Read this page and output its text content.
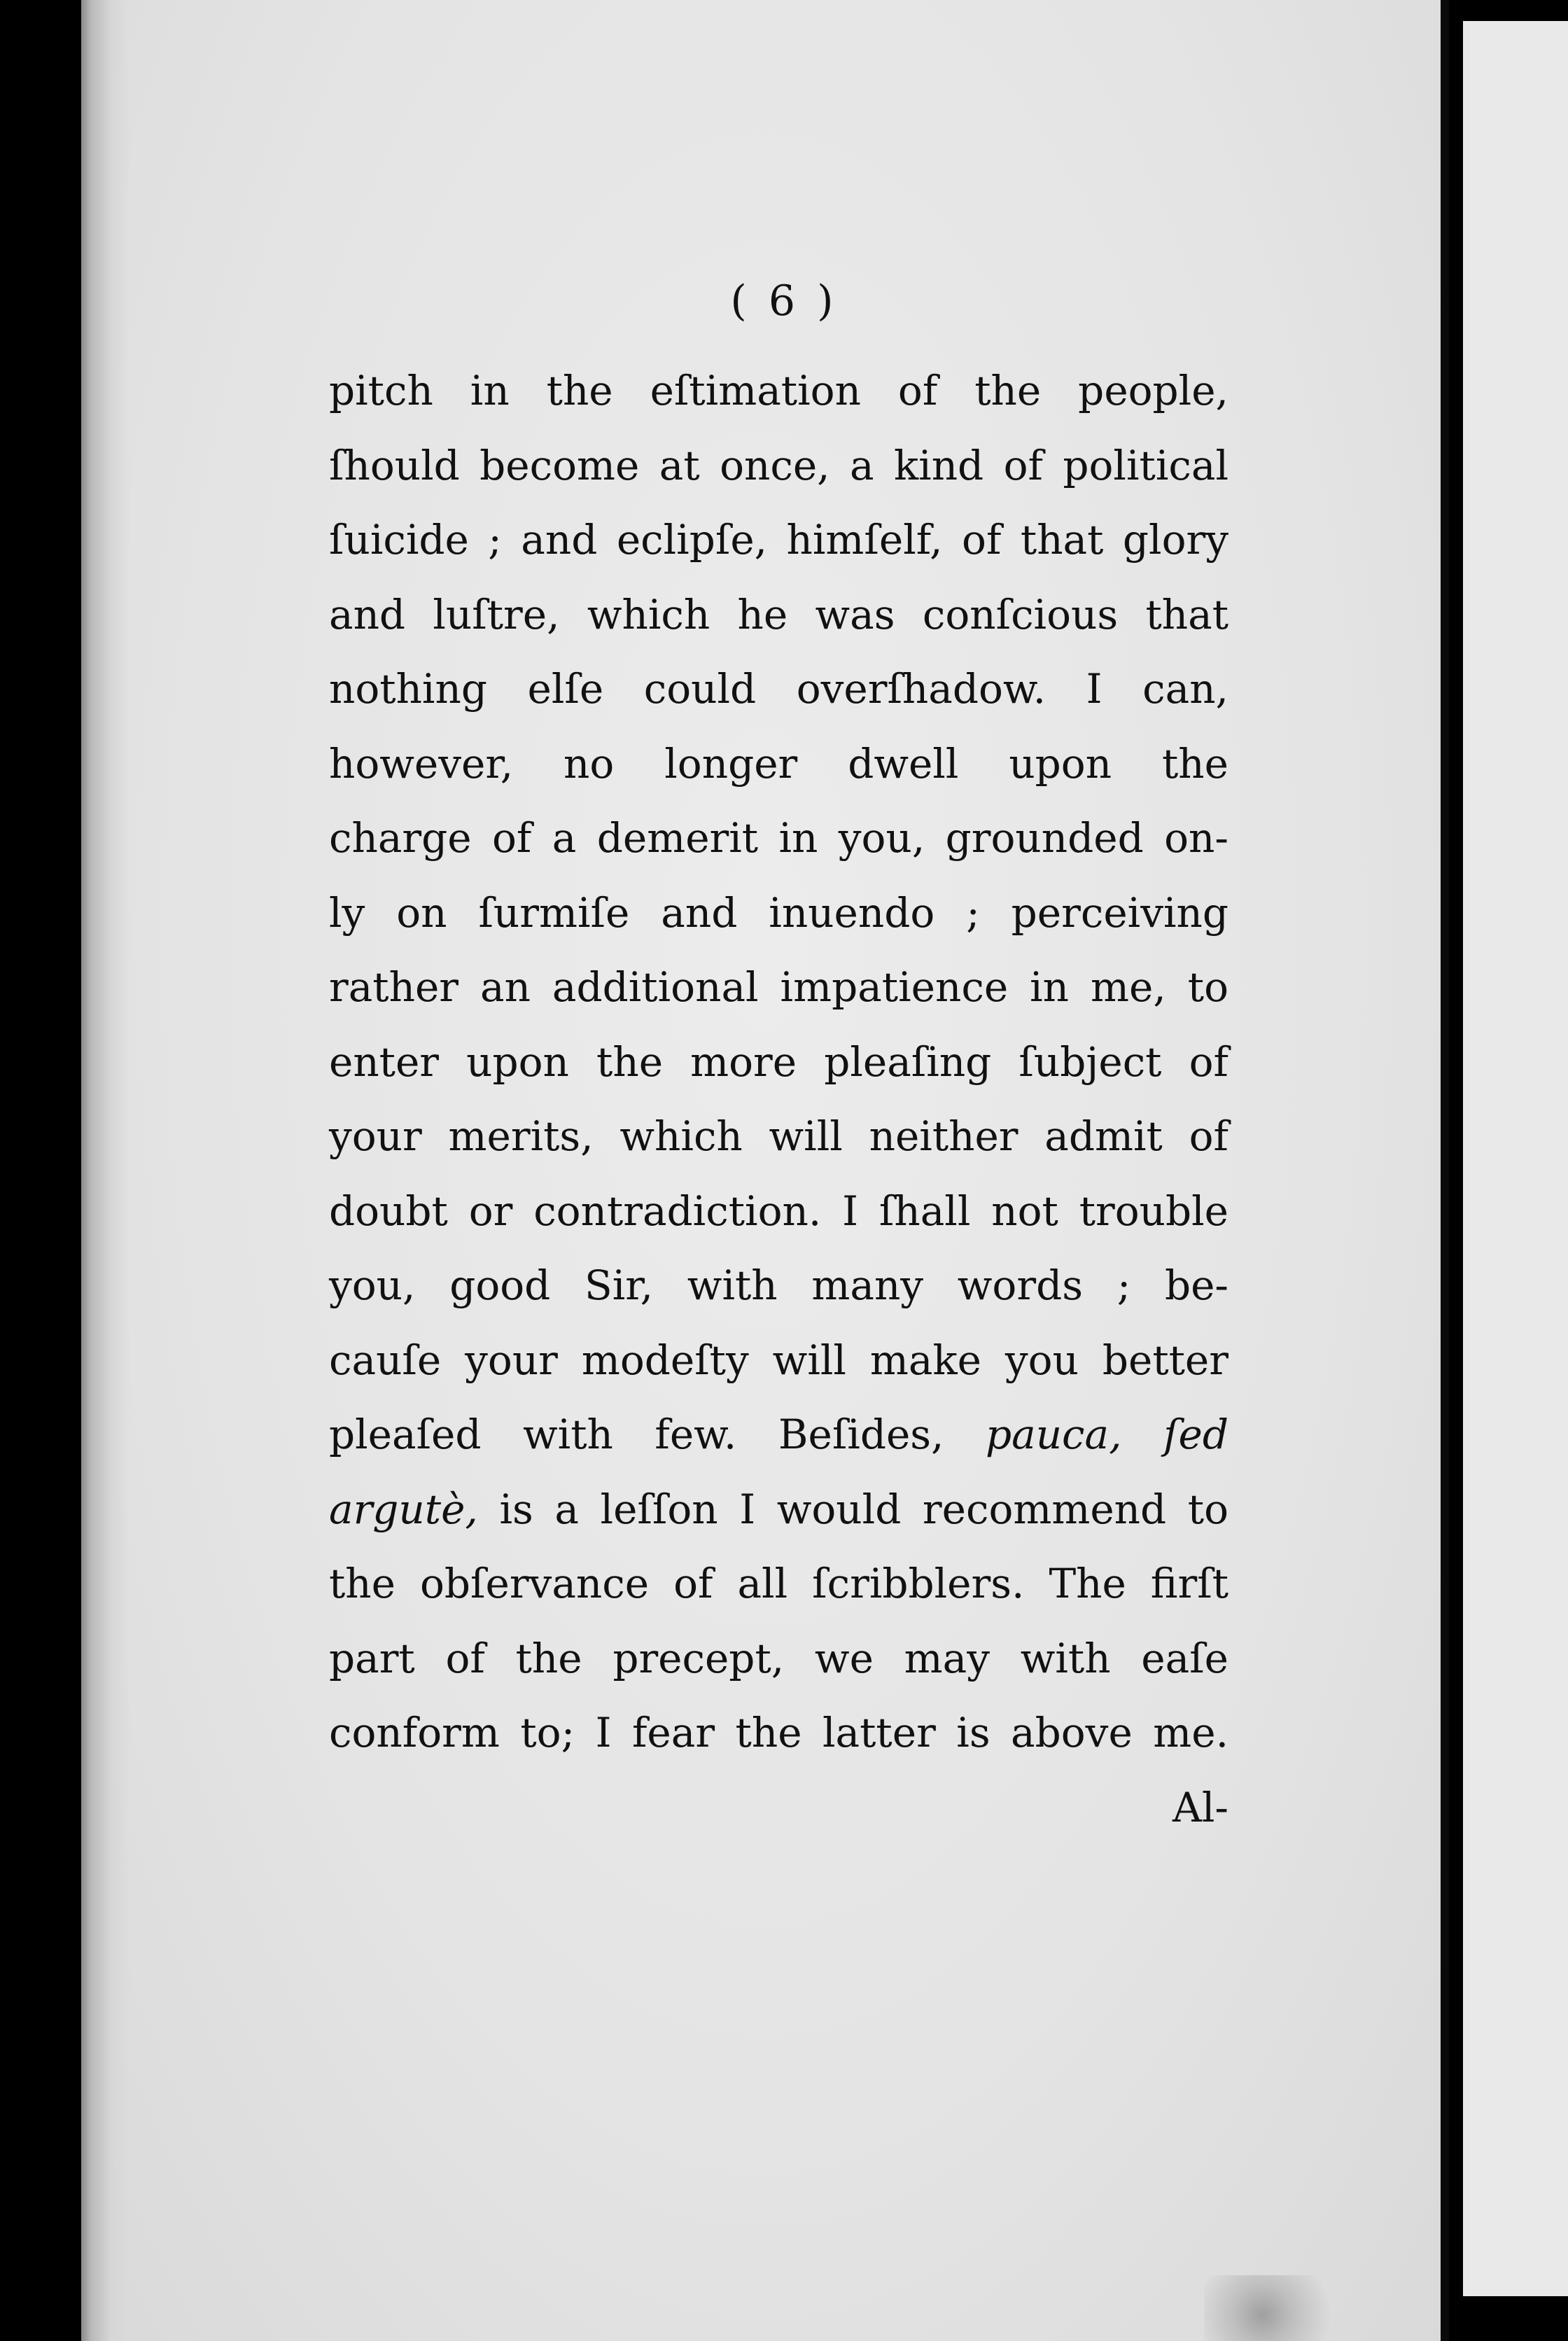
( 6 )
pitch in the eſtimation of the people,
ſhould become at once, a kind of political
ſuicide ; and eclipſe, himſelf, of that glory
and luſtre, which he was conſcious that
nothing elſe could overſhadow. I can,
however, no longer dwell upon the
charge of a demerit in you, grounded on-
ly on ſurmiſe and inuendo ; perceiving
rather an additional impatience in me, to
enter upon the more pleaſing ſubject of
your merits, which will neither admit of
doubt or contradiction. I ſhall not trouble
you, good Sir, with many words ; be-
cauſe your modeſty will make you better
pleaſed with few. Beſides, pauca, ſed
argutè, is a leſſon I would recommend to
the obſervance of all ſcribblers. The firſt
part of the precept, we may with eaſe
conform to; I fear the latter is above me.
Al-
